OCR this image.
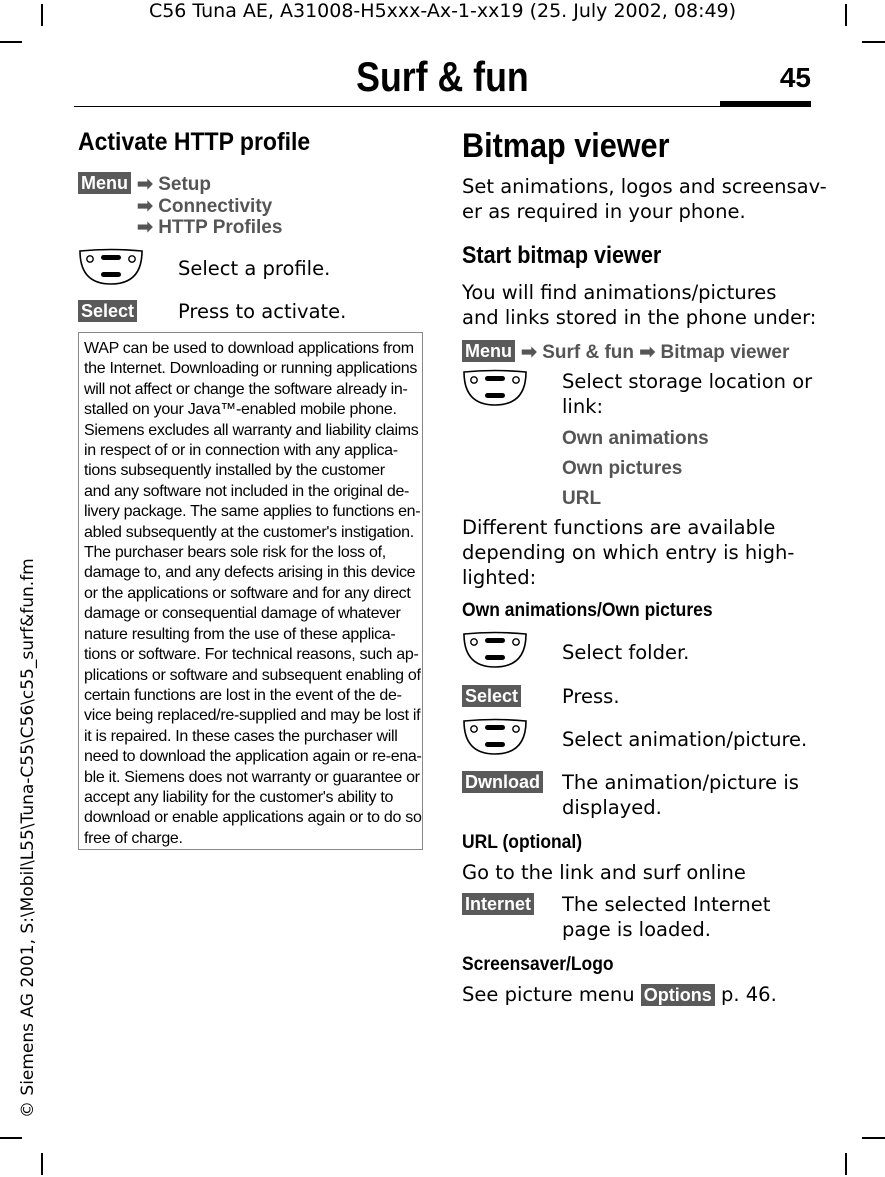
C56 Tuna AE, A31008-H5xxx-Ax-1-xx19 (25. July 2002, 08:49)
Surf & fun	45
© Siemens AG 2001, S:\Mobil\L55\Tuna-C55\C56\c55_surf&fun.fm
Activate HTTP profile
Menu ➡ Setup
➡ Connectivity
➡ HTTP Profiles
Select a profile.
Select Press to activate.
WAP can be used to download applications from
the Internet. Downloading or running applications
will not affect or change the software already in-
stalled on your Java™-enabled mobile phone.
Siemens excludes all warranty and liability claims
in respect of or in connection with any applica-
tions subsequently installed by the customer
and any software not included in the original de-
livery package. The same applies to functions en-
abled subsequently at the customer's instigation.
The purchaser bears sole risk for the loss of,
damage to, and any defects arising in this device
or the applications or software and for any direct
damage or consequential damage of whatever
nature resulting from the use of these applica-
tions or software. For technical reasons, such ap-
plications or software and subsequent enabling of
certain functions are lost in the event of the de-
vice being replaced/re-supplied and may be lost if
it is repaired. In these cases the purchaser will
need to download the application again or re-ena-
ble it. Siemens does not warranty or guarantee or
accept any liability for the customer's ability to
download or enable applications again or to do so
free of charge.
Bitmap viewer
Set animations, logos and screensav-
er as required in your phone.
Start bitmap viewer
You will find animations/pictures
and links stored in the phone under:
Menu ➡ Surf & fun ➡ Bitmap viewer
Select storage location or
link:
Own animations
Own pictures
URL
Different functions are available
depending on which entry is high-
lighted:
Own animations/Own pictures
Select folder.
Select Press.
Select animation/picture.
Dwnload The animation/picture is
displayed.
URL (optional)
Go to the link and surf online
Internet The selected Internet
page is loaded.
Screensaver/Logo
See picture menu Options p. 46.
